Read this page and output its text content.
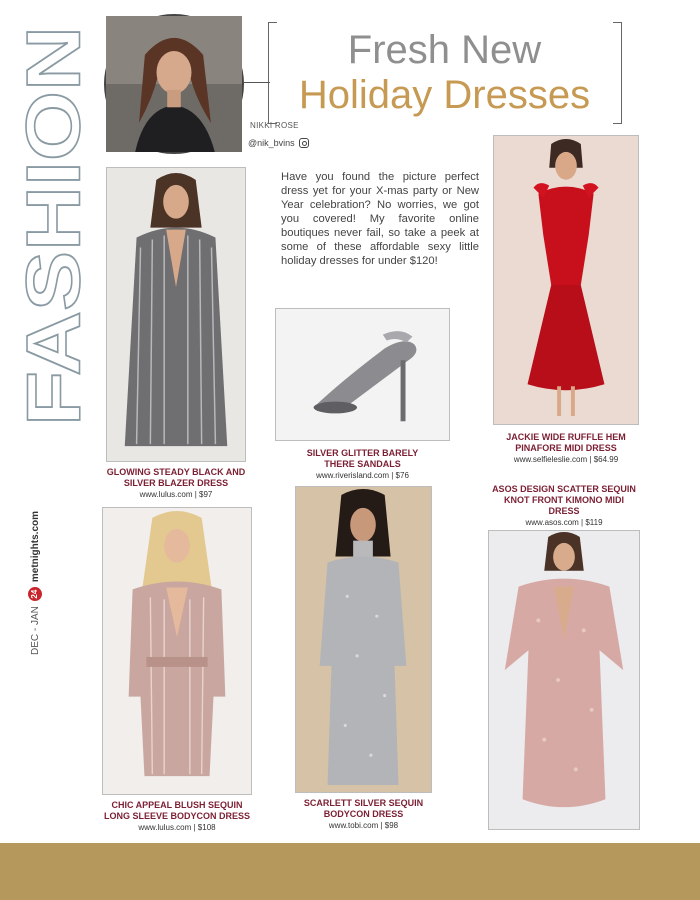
FASHION
DEC - JAN
24
metnights.com
NIKKI ROSE
@nik_bvins
Fresh New
Holiday Dresses
Have you found the picture perfect dress yet for your X-mas party or New Year celebration? No worries, we got you covered! My favorite online boutiques never fail, so take a peek at some of these affordable sexy little holiday dresses for under $120!
GLOWING STEADY BLACK AND SILVER BLAZER DRESS
www.lulus.com | $97
SILVER GLITTER BARELY THERE SANDALS
www.riverisland.com | $76
JACKIE WIDE RUFFLE HEM PINAFORE MIDI DRESS
www.selfieleslie.com | $64.99
ASOS DESIGN SCATTER SEQUIN KNOT FRONT KIMONO MIDI DRESS
www.asos.com | $119
CHIC APPEAL BLUSH SEQUIN LONG SLEEVE BODYCON DRESS
www.lulus.com | $108
SCARLETT SILVER SEQUIN BODYCON DRESS
www.tobi.com | $98
